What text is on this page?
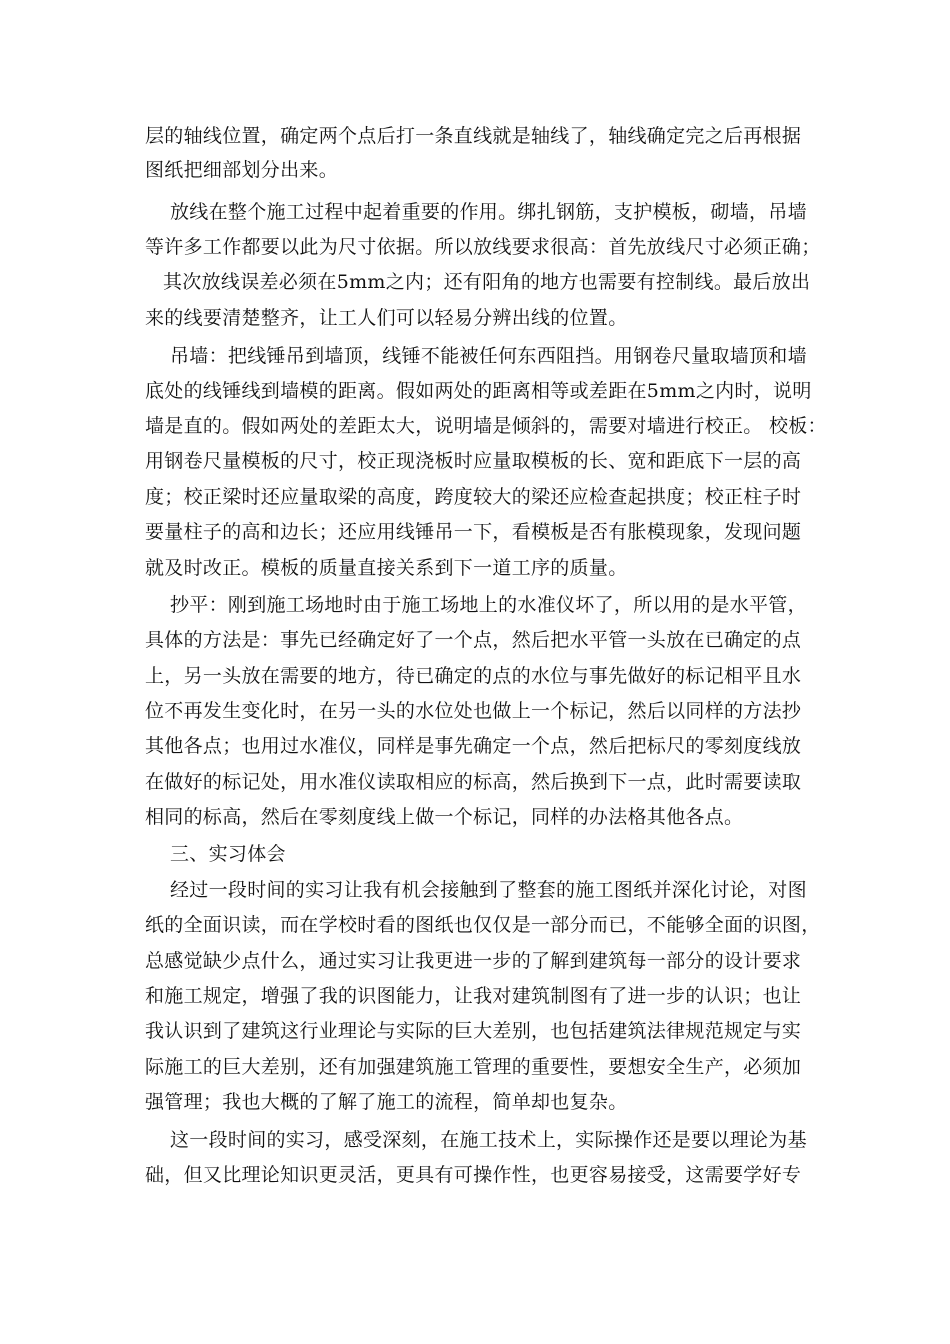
层的轴线位置，确定两个点后打一条直线就是轴线了，轴线确定完之后再根据
图纸把细部划分出来。
放线在整个施工过程中起着重要的作用。绑扎钢筋，支护模板，砌墙，吊墙
等许多工作都要以此为尺寸依据。所以放线要求很高：首先放线尺寸必须正确；
其次放线误差必须在5mm之内；还有阳角的地方也需要有控制线。最后放出
来的线要清楚整齐，让工人们可以轻易分辨出线的位置。
吊墙：把线锤吊到墙顶，线锤不能被任何东西阻挡。用钢卷尺量取墙顶和墙
底处的线锤线到墙模的距离。假如两处的距离相等或差距在5mm之内时，说明
墙是直的。假如两处的差距太大，说明墙是倾斜的，需要对墙进行校正。 校板：
用钢卷尺量模板的尺寸，校正现浇板时应量取模板的长、宽和距底下一层的高
度；校正梁时还应量取梁的高度，跨度较大的梁还应检查起拱度；校正柱子时
要量柱子的高和边长；还应用线锤吊一下，看模板是否有胀模现象，发现问题
就及时改正。模板的质量直接关系到下一道工序的质量。
抄平：刚到施工场地时由于施工场地上的水准仪坏了，所以用的是水平管，
具体的方法是：事先已经确定好了一个点，然后把水平管一头放在已确定的点
上，另一头放在需要的地方，待已确定的点的水位与事先做好的标记相平且水
位不再发生变化时，在另一头的水位处也做上一个标记，然后以同样的方法抄
其他各点；也用过水准仪，同样是事先确定一个点，然后把标尺的零刻度线放
在做好的标记处，用水准仪读取相应的标高，然后换到下一点，此时需要读取
相同的标高，然后在零刻度线上做一个标记，同样的办法格其他各点。
三、实习体会
经过一段时间的实习让我有机会接触到了整套的施工图纸并深化讨论，对图
纸的全面识读，而在学校时看的图纸也仅仅是一部分而已，不能够全面的识图，
总感觉缺少点什么，通过实习让我更进一步的了解到建筑每一部分的设计要求
和施工规定，增强了我的识图能力，让我对建筑制图有了进一步的认识；也让
我认识到了建筑这行业理论与实际的巨大差别，也包括建筑法律规范规定与实
际施工的巨大差别，还有加强建筑施工管理的重要性，要想安全生产，必须加
强管理；我也大概的了解了施工的流程，简单却也复杂。
这一段时间的实习，感受深刻，在施工技术上，实际操作还是要以理论为基
础，但又比理论知识更灵活，更具有可操作性，也更容易接受，这需要学好专
